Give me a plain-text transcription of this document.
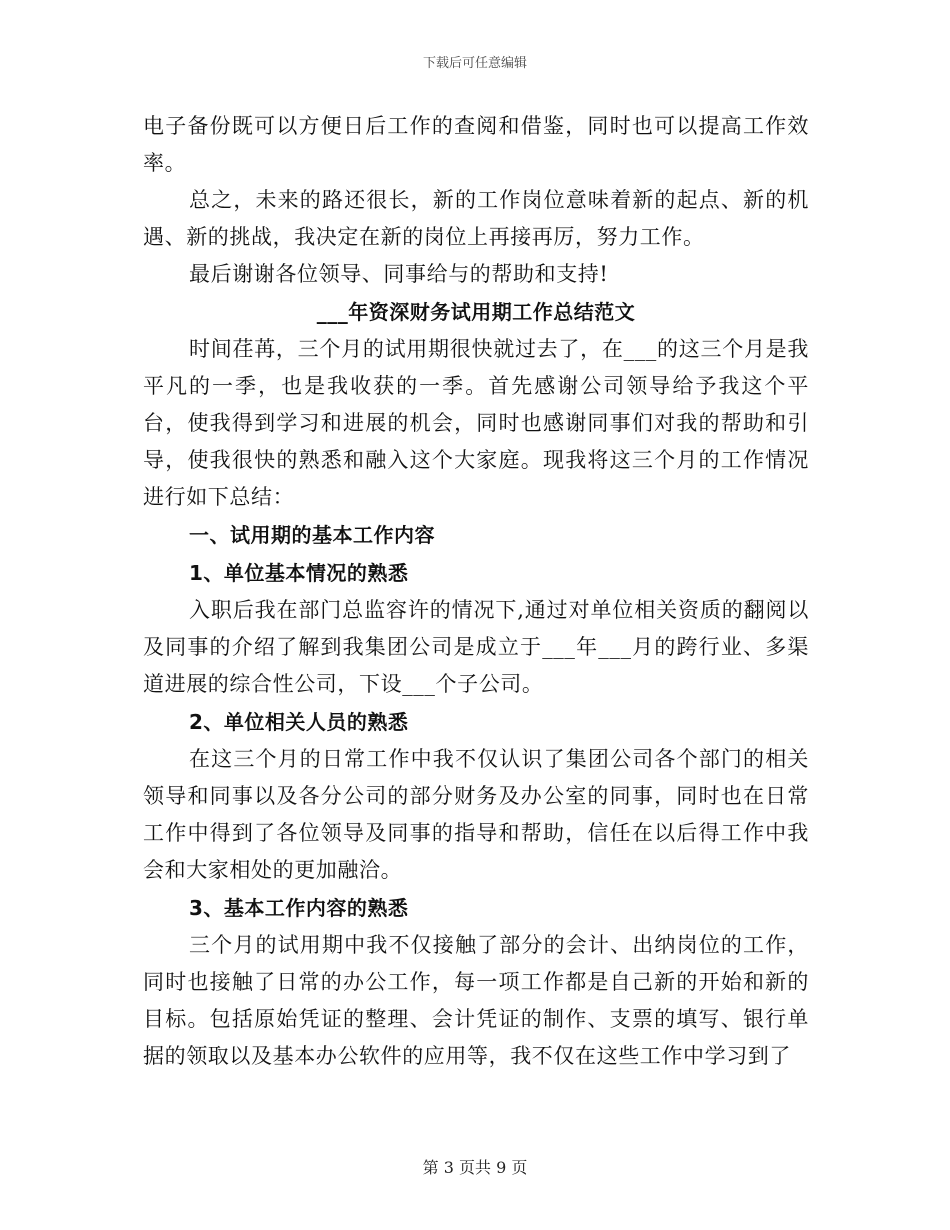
下载后可任意编辑

电子备份既可以方便日后工作的查阅和借鉴，同时也可以提高工作效率。

总之，未来的路还很长，新的工作岗位意味着新的起点、新的机遇、新的挑战，我决定在新的岗位上再接再厉，努力工作。

最后谢谢各位领导、同事给与的帮助和支持!

___年资深财务试用期工作总结范文

时间荏苒，三个月的试用期很快就过去了，在___的这三个月是我平凡的一季，也是我收获的一季。首先感谢公司领导给予我这个平台，使我得到学习和进展的机会，同时也感谢同事们对我的帮助和引导，使我很快的熟悉和融入这个大家庭。现我将这三个月的工作情况进行如下总结：

一、试用期的基本工作内容

1、单位基本情况的熟悉

入职后我在部门总监容许的情况下,通过对单位相关资质的翻阅以及同事的介绍了解到我集团公司是成立于___年___月的跨行业、多渠道进展的综合性公司，下设___个子公司。

2、单位相关人员的熟悉

在这三个月的日常工作中我不仅认识了集团公司各个部门的相关领导和同事以及各分公司的部分财务及办公室的同事，同时也在日常工作中得到了各位领导及同事的指导和帮助，信任在以后得工作中我会和大家相处的更加融洽。

3、基本工作内容的熟悉

三个月的试用期中我不仅接触了部分的会计、出纳岗位的工作，同时也接触了日常的办公工作，每一项工作都是自己新的开始和新的目标。包括原始凭证的整理、会计凭证的制作、支票的填写、银行单据的领取以及基本办公软件的应用等，我不仅在这些工作中学习到了

第 3 页共 9 页
